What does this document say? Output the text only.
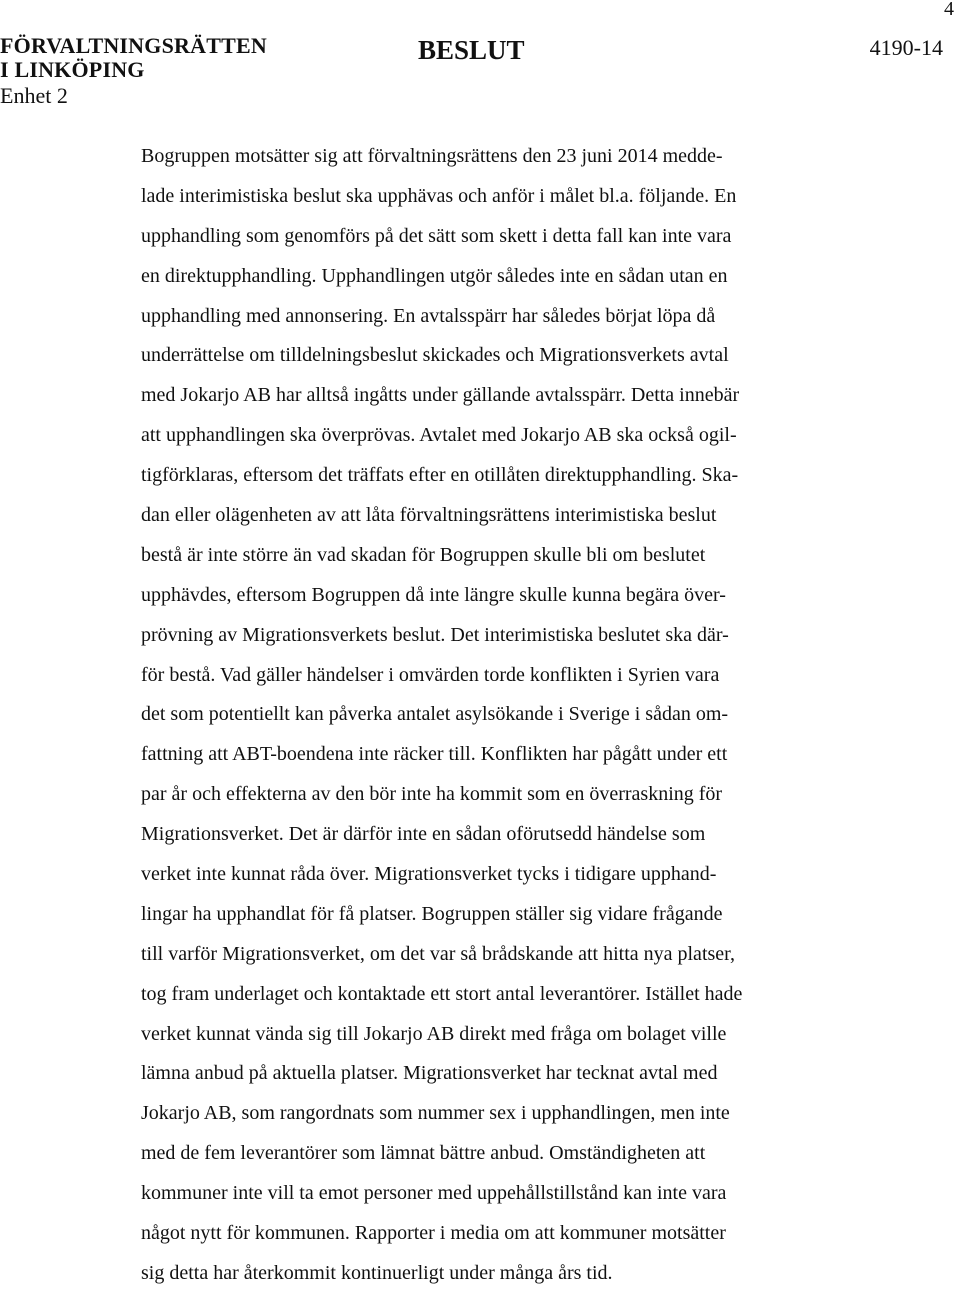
4
FÖRVALTNINGSRÄTTEN
I LINKÖPING
Enhet 2
BESLUT	4190-14
Bogruppen motsätter sig att förvaltningsrättens den 23 juni 2014 medde-
lade interimistiska beslut ska upphävas och anför i målet bl.a. följande. En
upphandling som genomförs på det sätt som skett i detta fall kan inte vara
en direktupphandling. Upphandlingen utgör således inte en sådan utan en
upphandling med annonsering. En avtalsspärr har således börjat löpa då
underrättelse om tilldelningsbeslut skickades och Migrationsverkets avtal
med Jokarjo AB har alltså ingåtts under gällande avtalsspärr. Detta innebär
att upphandlingen ska överprövas. Avtalet med Jokarjo AB ska också ogil-
tigförklaras, eftersom det träffats efter en otillåten direktupphandling. Ska-
dan eller olägenheten av att låta förvaltningsrättens interimistiska beslut
bestå är inte större än vad skadan för Bogruppen skulle bli om beslutet
upphävdes, eftersom Bogruppen då inte längre skulle kunna begära över-
prövning av Migrationsverkets beslut. Det interimistiska beslutet ska där-
för bestå. Vad gäller händelser i omvärden torde konflikten i Syrien vara
det som potentiellt kan påverka antalet asylsökande i Sverige i sådan om-
fattning att ABT-boendena inte räcker till. Konflikten har pågått under ett
par år och effekterna av den bör inte ha kommit som en överraskning för
Migrationsverket. Det är därför inte en sådan oförutsedd händelse som
verket inte kunnat råda över. Migrationsverket tycks i tidigare upphand-
lingar ha upphandlat för få platser. Bogruppen ställer sig vidare frågande
till varför Migrationsverket, om det var så brådskande att hitta nya platser,
tog fram underlaget och kontaktade ett stort antal leverantörer. Istället hade
verket kunnat vända sig till Jokarjo AB direkt med fråga om bolaget ville
lämna anbud på aktuella platser. Migrationsverket har tecknat avtal med
Jokarjo AB, som rangordnats som nummer sex i upphandlingen, men inte
med de fem leverantörer som lämnat bättre anbud. Omständigheten att
kommuner inte vill ta emot personer med uppehållstillstånd kan inte vara
något nytt för kommunen. Rapporter i media om att kommuner motsätter
sig detta har återkommit kontinuerligt under många års tid.
